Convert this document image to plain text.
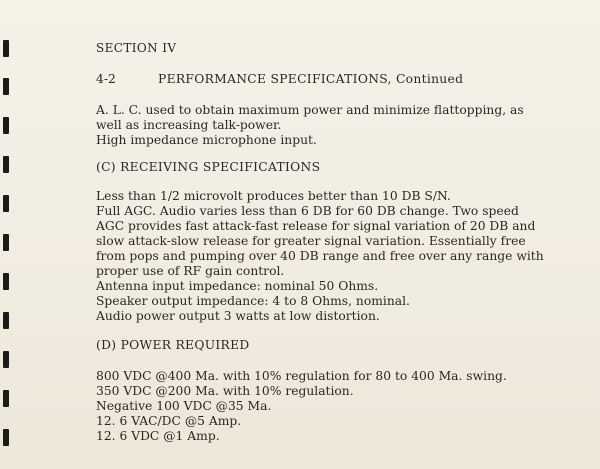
SECTION IV
4-2	PERFORMANCE SPECIFICATIONS, Continued
A. L. C. used to obtain maximum power and minimize flattopping, as
well as increasing talk-power.
High impedance microphone input.
(C) RECEIVING SPECIFICATIONS
Less than 1/2 microvolt produces better than 10 DB S/N.
Full AGC. Audio varies less than 6 DB for 60 DB change. Two speed
AGC provides fast attack-fast release for signal variation of 20 DB and
slow attack-slow release for greater signal variation. Essentially free
from pops and pumping over 40 DB range and free over any range with
proper use of RF gain control.
Antenna input impedance: nominal 50 Ohms.
Speaker output impedance: 4 to 8 Ohms, nominal.
Audio power output 3 watts at low distortion.
(D) POWER REQUIRED
800 VDC @400 Ma. with 10% regulation for 80 to 400 Ma. swing.
350 VDC @200 Ma. with 10% regulation.
Negative 100 VDC @35 Ma.
12. 6 VAC/DC @5 Amp.
12. 6 VDC @1 Amp.
